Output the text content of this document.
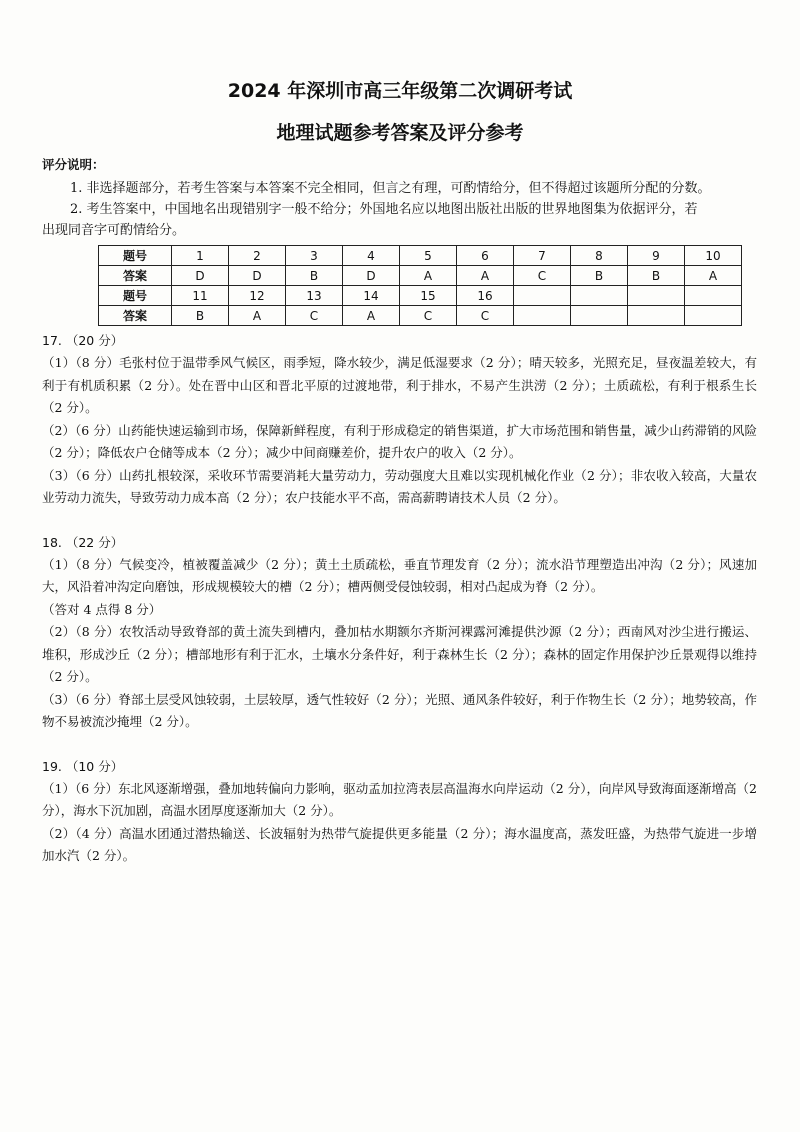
2024 年深圳市高三年级第二次调研考试
地理试题参考答案及评分参考
评分说明：

1. 非选择题部分，若考生答案与本答案不完全相同，但言之有理，可酌情给分，但不得超过该题所分配的分数。

2. 考生答案中，中国地名出现错别字一般不给分；外国地名应以地图出版社出版的世界地图集为依据评分，若
出现同音字可酌情给分。

题号	1	2	3	4	5	6	7	8	9	10
答案	D	D	B	D	A	A	C	B	B	A
题号	11	12	13	14	15	16				
答案	B	A	C	A	C	C				
17. （20 分）

（1）（8 分）毛张村位于温带季风气候区，雨季短，降水较少，满足低湿要求（2 分）；晴天较多，光照充足，昼夜温差较大，有利于有机质积累（2 分）。处在晋中山区和晋北平原的过渡地带，利于排水，不易产生洪涝（2 分）；土质疏松，有利于根系生长（2 分）。

（2）（6 分）山药能快速运输到市场，保障新鲜程度，有利于形成稳定的销售渠道，扩大市场范围和销售量，减少山药滞销的风险（2 分）；降低农户仓储等成本（2 分）；减少中间商赚差价，提升农户的收入（2 分）。

（3）（6 分）山药扎根较深，采收环节需要消耗大量劳动力，劳动强度大且难以实现机械化作业（2 分）；非农收入较高，大量农业劳动力流失，导致劳动力成本高（2 分）；农户技能水平不高，需高薪聘请技术人员（2 分）。

18. （22 分）

（1）（8 分）气候变冷，植被覆盖减少（2 分）；黄土土质疏松，垂直节理发育（2 分）；流水沿节理塑造出冲沟（2 分）；风速加大，风沿着冲沟定向磨蚀，形成规模较大的槽（2 分）；槽两侧受侵蚀较弱，相对凸起成为脊（2 分）。

（答对 4 点得 8 分）

（2）（8 分）农牧活动导致脊部的黄土流失到槽内，叠加枯水期额尔齐斯河裸露河滩提供沙源（2 分）；西南风对沙尘进行搬运、堆积，形成沙丘（2 分）；槽部地形有利于汇水，土壤水分条件好，利于森林生长（2 分）；森林的固定作用保护沙丘景观得以维持（2 分）。

（3）（6 分）脊部土层受风蚀较弱，土层较厚，透气性较好（2 分）；光照、通风条件较好，利于作物生长（2 分）；地势较高，作物不易被流沙掩埋（2 分）。

19. （10 分）

（1）（6 分）东北风逐渐增强，叠加地转偏向力影响，驱动孟加拉湾表层高温海水向岸运动（2 分），向岸风导致海面逐渐增高（2 分），海水下沉加剧，高温水团厚度逐渐加大（2 分）。

（2）（4 分）高温水团通过潜热输送、长波辐射为热带气旋提供更多能量（2 分）；海水温度高，蒸发旺盛，为热带气旋进一步增加水汽（2 分）。
